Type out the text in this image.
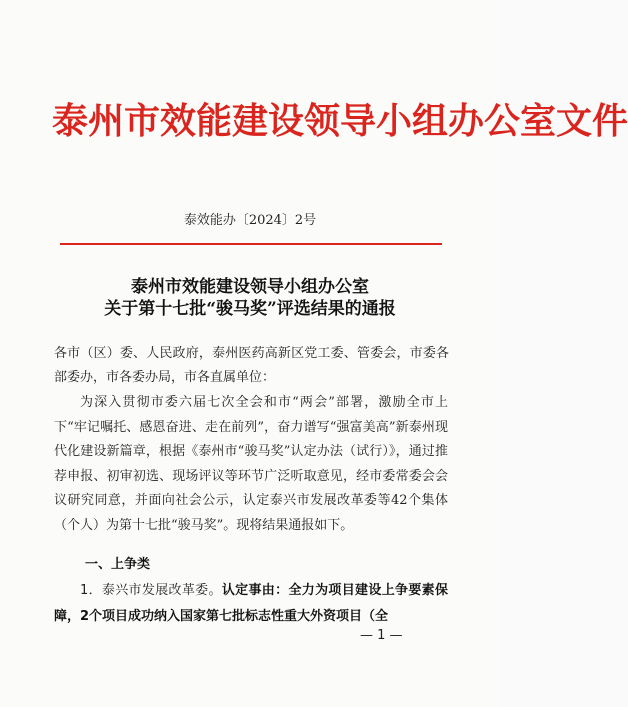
泰州市效能建设领导小组办公室文件
泰效能办〔2024〕2号
泰州市效能建设领导小组办公室
关于第十七批“骏马奖”评选结果的通报
各市（区）委、人民政府，泰州医药高新区党工委、管委会，市委各部委办，市各委办局，市各直属单位：
为深入贯彻市委六届七次全会和市“两会”部署，激励全市上下“牢记嘱托、感恩奋进、走在前列”，奋力谱写“强富美高”新泰州现代化建设新篇章，根据《泰州市“骏马奖”认定办法（试行）》，通过推荐申报、初审初选、现场评议等环节广泛听取意见，经市委常委会会议研究同意，并面向社会公示，认定泰兴市发展改革委等42个集体（个人）为第十七批“骏马奖”。现将结果通报如下。
一、上争类
1．泰兴市发展改革委。认定事由：全力为项目建设上争要素保障，2个项目成功纳入国家第七批标志性重大外资项目（全
— 1 —
